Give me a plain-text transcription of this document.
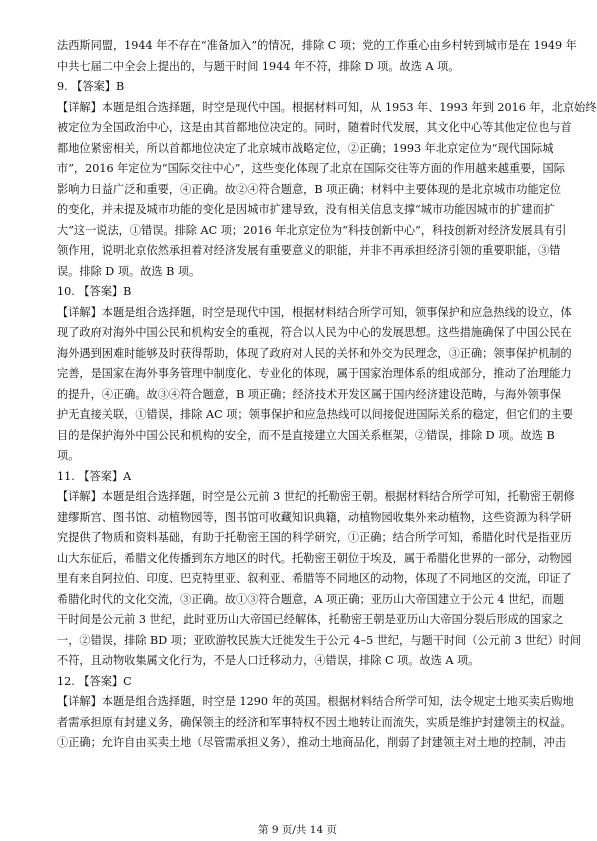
法西斯同盟，1944 年不存在“准备加入”的情况，排除 C 项；党的工作重心由乡村转到城市是在 1949 年
中共七届二中全会上提出的，与题干时间 1944 年不符，排除 D 项。故选 A 项。
9. 【答案】B
【详解】本题是组合选择题，时空是现代中国。根据材料可知，从 1953 年、1993 年到 2016 年，北京始终
被定位为全国政治中心，这是由其首都地位决定的。同时，随着时代发展，其文化中心等其他定位也与首
都地位紧密相关，所以首都地位决定了北京城市战略定位，②正确；1993 年北京定位为“现代国际城
市”，2016 年定位为“国际交往中心”，这些变化体现了北京在国际交往等方面的作用越来越重要，国际
影响力日益广泛和重要，④正确。故②④符合题意，B 项正确；材料中主要体现的是北京城市功能定位
的变化，并未提及城市功能的变化是因城市扩建导致，没有相关信息支撑“城市功能因城市的扩建而扩
大”这一说法，①错误。排除 AC 项；2016 年北京定位为“科技创新中心”，科技创新对经济发展具有引
领作用，说明北京依然承担着对经济发展有重要意义的职能，并非不再承担经济引领的重要职能，③错
误。排除 D 项。故选 B 项。
10. 【答案】B
【详解】本题是组合选择题，时空是现代中国，根据材料结合所学可知，领事保护和应急热线的设立，体
现了政府对海外中国公民和机构安全的重视，符合以人民为中心的发展思想。这些措施确保了中国公民在
海外遇到困难时能够及时获得帮助，体现了政府对人民的关怀和外交为民理念，③正确；领事保护机制的
完善，是国家在海外事务管理中制度化、专业化的体现，属于国家治理体系的组成部分，推动了治理能力
的提升，④正确。故③④符合题意，B 项正确；经济技术开发区属于国内经济建设范畴，与海外领事保
护无直接关联，①错误，排除 AC 项；领事保护和应急热线可以间接促进国际关系的稳定，但它们的主要
目的是保护海外中国公民和机构的安全，而不是直接建立大国关系框架，②错误，排除 D 项。故选 B
项。
11. 【答案】A
【详解】本题是组合选择题，时空是公元前 3 世纪的托勒密王朝。根据材料结合所学可知，托勒密王朝修
建缪斯宫、图书馆、动植物园等，图书馆可收藏知识典籍，动植物园收集外来动植物，这些资源为科学研
究提供了物质和资料基础，有助于托勒密王国的科学研究，①正确；结合所学可知，希腊化时代是指亚历
山大东征后，希腊文化传播到东方地区的时代。托勒密王朝位于埃及，属于希腊化世界的一部分，动物园
里有来自阿拉伯、印度、巴克特里亚、叙利亚、希腊等不同地区的动物，体现了不同地区的交流，印证了
希腊化时代的文化交流，③正确。故①③符合题意，A 项正确；亚历山大帝国建立于公元 4 世纪，而题
干时间是公元前 3 世纪，此时亚历山大帝国已经解体，托勒密王朝是亚历山大帝国分裂后形成的国家之
一，②错误，排除 BD 项；亚欧游牧民族大迁徙发生于公元 4–5 世纪，与题干时间（公元前 3 世纪）时间
不符，且动物收集属文化行为，不是人口迁移动力，④错误，排除 C 项。故选 A 项。
12. 【答案】C
【详解】本题是组合选择题，时空是 1290 年的英国。根据材料结合所学可知，法令规定土地买卖后购地
者需承担原有封建义务，确保领主的经济和军事特权不因土地转让而流失，实质是维护封建领主的权益。
①正确；允许自由买卖土地（尽管需承担义务），推动土地商品化，削弱了封建领主对土地的控制，冲击
第 9 页/共 14 页
